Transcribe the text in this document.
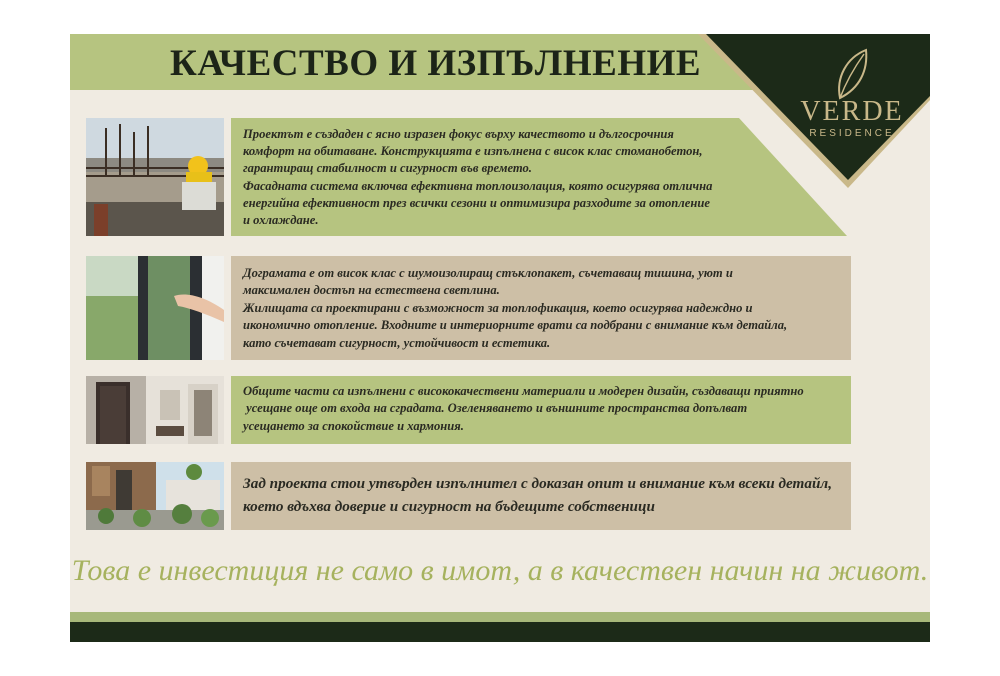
КАЧЕСТВО И ИЗПЪЛНЕНИЕ
VERDE
RESIDENCE

Проектът е създаден с ясно изразен фокус върху качеството и дългосрочния

комфорт на обитаване. Конструкцията е изпълнена с висок клас стоманобетон,

гарантиращ стабилност и сигурност във времето.

Фасадната система включва ефективна топлоизолация, която осигурява отлична

енергийна ефективност през всички сезони и оптимизира разходите за отопление

и охлаждане.

Дограмата е от висок клас с шумоизолиращ стъклопакет, съчетаващ тишина, уют и

максимален достъп на естествена светлина.

Жилищата са проектирани с възможност за топлофикация, което осигурява надеждно и

икономично отопление. Входните и интериорните врати са подбрани с внимание към детайла,

като съчетават сигурност, устойчивост и естетика.

Общите части са изпълнени с висококачествени материали и модерен дизайн, създаващи приятно

усещане още от входа на сградата. Озеленяването и външните пространства допълват

усещането за спокойствие и хармония.

Зад проекта стои утвърден изпълнител с доказан опит и внимание към всеки детайл,

което вдъхва доверие и сигурност на бъдещите собственици

Това е инвестиция не само в имот, а в качествен начин на живот.
